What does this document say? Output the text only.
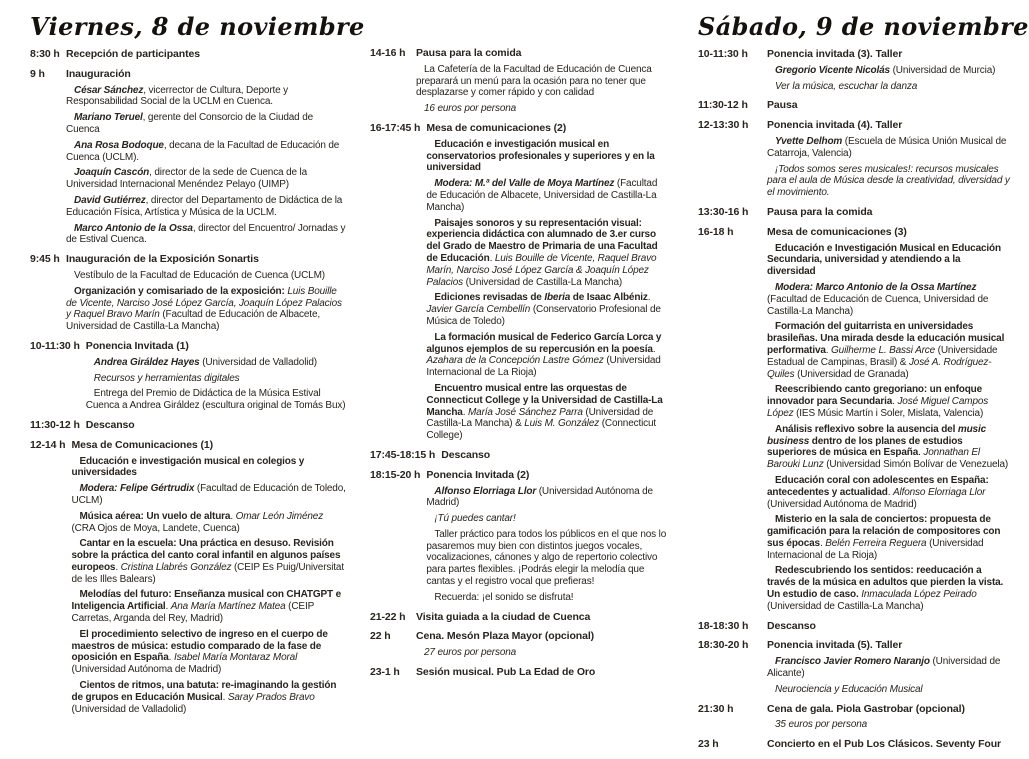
Viernes, 8 de noviembre
8:30 h Recepción de participantes
9 h	Inauguración

César Sánchez, vicerrector de Cultura, Deporte y Responsabilidad Social de la UCLM en Cuenca.

Mariano Teruel, gerente del Consorcio de la Ciudad de Cuenca

Ana Rosa Bodoque, decana de la Facultad de Educación de Cuenca (UCLM).

Joaquín Cascón, director de la sede de Cuenca de la Universidad Internacional Menéndez Pelayo (UIMP)

David Gutiérrez, director del Departamento de Didáctica de la Educación Física, Artística y Música de la UCLM.

Marco Antonio de la Ossa, director del Encuentro/ Jornadas y de Estival Cuenca.

9:45 h Inauguración de la Exposición Sonartis

Vestíbulo de la Facultad de Educación de Cuenca (UCLM)

Organización y comisariado de la exposición: Luis Bouille de Vicente, Narciso José López García, Joaquín López Palacios y Raquel Bravo Marín (Facultad de Educación de Albacete, Universidad de Castilla-La Mancha)

10-11:30 h Ponencia Invitada (1)

Andrea Giráldez Hayes (Universidad de Valladolid)

Recursos y herramientas digitales

Entrega del Premio de Didáctica de la Música Estival Cuenca a Andrea Giráldez (escultura original de Tomás Bux)

11:30-12 h Descanso
12-14 h Mesa de Comunicaciones (1)

Educación e investigación musical en colegios y universidades

Modera: Felipe Gértrudix (Facultad de Educación de Toledo, UCLM)

Música aérea: Un vuelo de altura. Omar León Jiménez (CRA Ojos de Moya, Landete, Cuenca)

Cantar en la escuela: Una práctica en desuso. Revisión sobre la práctica del canto coral infantil en algunos países europeos. Cristina Llabrés González (CEIP Es Puig/Universitat de les Illes Balears)

Melodías del futuro: Enseñanza musical con CHATGPT e Inteligencia Artificial. Ana María Martínez Matea (CEIP Carretas, Arganda del Rey, Madrid)

El procedimiento selectivo de ingreso en el cuerpo de maestros de música: estudio comparado de la fase de oposición en España. Isabel María Montaraz Moral (Universidad Autónoma de Madrid)

Cientos de ritmos, una batuta: re-imaginando la gestión de grupos en Educación Musical. Saray Prados Bravo (Universidad de Valladolid)

14-16 h	Pausa para la comida

La Cafetería de la Facultad de Educación de Cuenca preparará un menú para la ocasión para no tener que desplazarse y comer rápido y con calidad

16 euros por persona

16-17:45 h Mesa de comunicaciones (2)

Educación e investigación musical en conservatorios profesionales y superiores y en la universidad

Modera: M.ª del Valle de Moya Martínez (Facultad de Educación de Albacete, Universidad de Castilla-La Mancha)

Paisajes sonoros y su representación visual: experiencia didáctica con alumnado de 3.er curso del Grado de Maestro de Primaria de una Facultad de Educación. Luis Bouille de Vicente, Raquel Bravo Marín, Narciso José López García & Joaquín López Palacios (Universidad de Castilla-La Mancha)

Ediciones revisadas de Iberia de Isaac Albéniz. Javier García Cembellín (Conservatorio Profesional de Música de Toledo)

La formación musical de Federico García Lorca y algunos ejemplos de su repercusión en la poesía. Azahara de la Concepción Lastre Gómez (Universidad Internacional de La Rioja)

Encuentro musical entre las orquestas de Connecticut College y la Universidad de Castilla-La Mancha. María José Sánchez Parra (Universidad de Castilla-La Mancha) & Luis M. González (Connecticut College)

17:45-18:15 h Descanso
18:15-20 h Ponencia Invitada (2)

Alfonso Elorriaga Llor (Universidad Autónoma de Madrid)

¡Tú puedes cantar!

Taller práctico para todos los públicos en el que nos lo pasaremos muy bien con distintos juegos vocales, vocalizaciones, cánones y algo de repertorio colectivo para partes flexibles. ¡Podrás elegir la melodía que cantas y el registro vocal que prefieras!

Recuerda: ¡el sonido se disfruta!

21-22 h	Visita guiada a la ciudad de Cuenca
22 h	Cena. Mesón Plaza Mayor (opcional)

27 euros por persona

23-1 h	Sesión musical. Pub La Edad de Oro
Sábado, 9 de noviembre
10-11:30 h	Ponencia invitada (3). Taller

Gregorio Vicente Nicolás (Universidad de Murcia)

Ver la música, escuchar la danza

11:30-12 h	Pausa
12-13:30 h	Ponencia invitada (4). Taller

Yvette Delhom (Escuela de Música Unión Musical de Catarroja, Valencia)

¡Todos somos seres musicales!: recursos musicales para el aula de Música desde la creatividad, diversidad y el movimiento.

13:30-16 h	Pausa para la comida
16-18 h	Mesa de comunicaciones (3)

Educación e Investigación Musical en Educación Secundaria, universidad y atendiendo a la diversidad

Modera: Marco Antonio de la Ossa Martínez (Facultad de Educación de Cuenca, Universidad de Castilla-La Mancha)

Formación del guitarrista en universidades brasileñas. Una mirada desde la educación musical performativa. Guilherme L. Bassi Arce (Universidade Estadual de Campinas, Brasil) & José A. Rodríguez-Quiles (Universidad de Granada)

Reescribiendo canto gregoriano: un enfoque innovador para Secundaria. José Miguel Campos López (IES Músic Martín i Soler, Mislata, Valencia)

Análisis reflexivo sobre la ausencia del music business dentro de los planes de estudios superiores de música en España. Jonnathan El Barouki Lunz (Universidad Simón Bolívar de Venezuela)

Educación coral con adolescentes en España: antecedentes y actualidad. Alfonso Elorriaga Llor (Universidad Autónoma de Madrid)

Misterio en la sala de conciertos: propuesta de gamificación para la relación de compositores con sus épocas. Belén Ferreira Reguera (Universidad Internacional de La Rioja)

Redescubriendo los sentidos: reeducación a través de la música en adultos que pierden la vista. Un estudio de caso. Inmaculada López Peirado (Universidad de Castilla-La Mancha)

18-18:30 h	Descanso
18:30-20 h	Ponencia invitada (5). Taller

Francisco Javier Romero Naranjo (Universidad de Alicante)

Neurociencia y Educación Musical

21:30 h	Cena de gala. Piola Gastrobar (opcional)

35 euros por persona

23 h	Concierto en el Pub Los Clásicos. Seventy Four
